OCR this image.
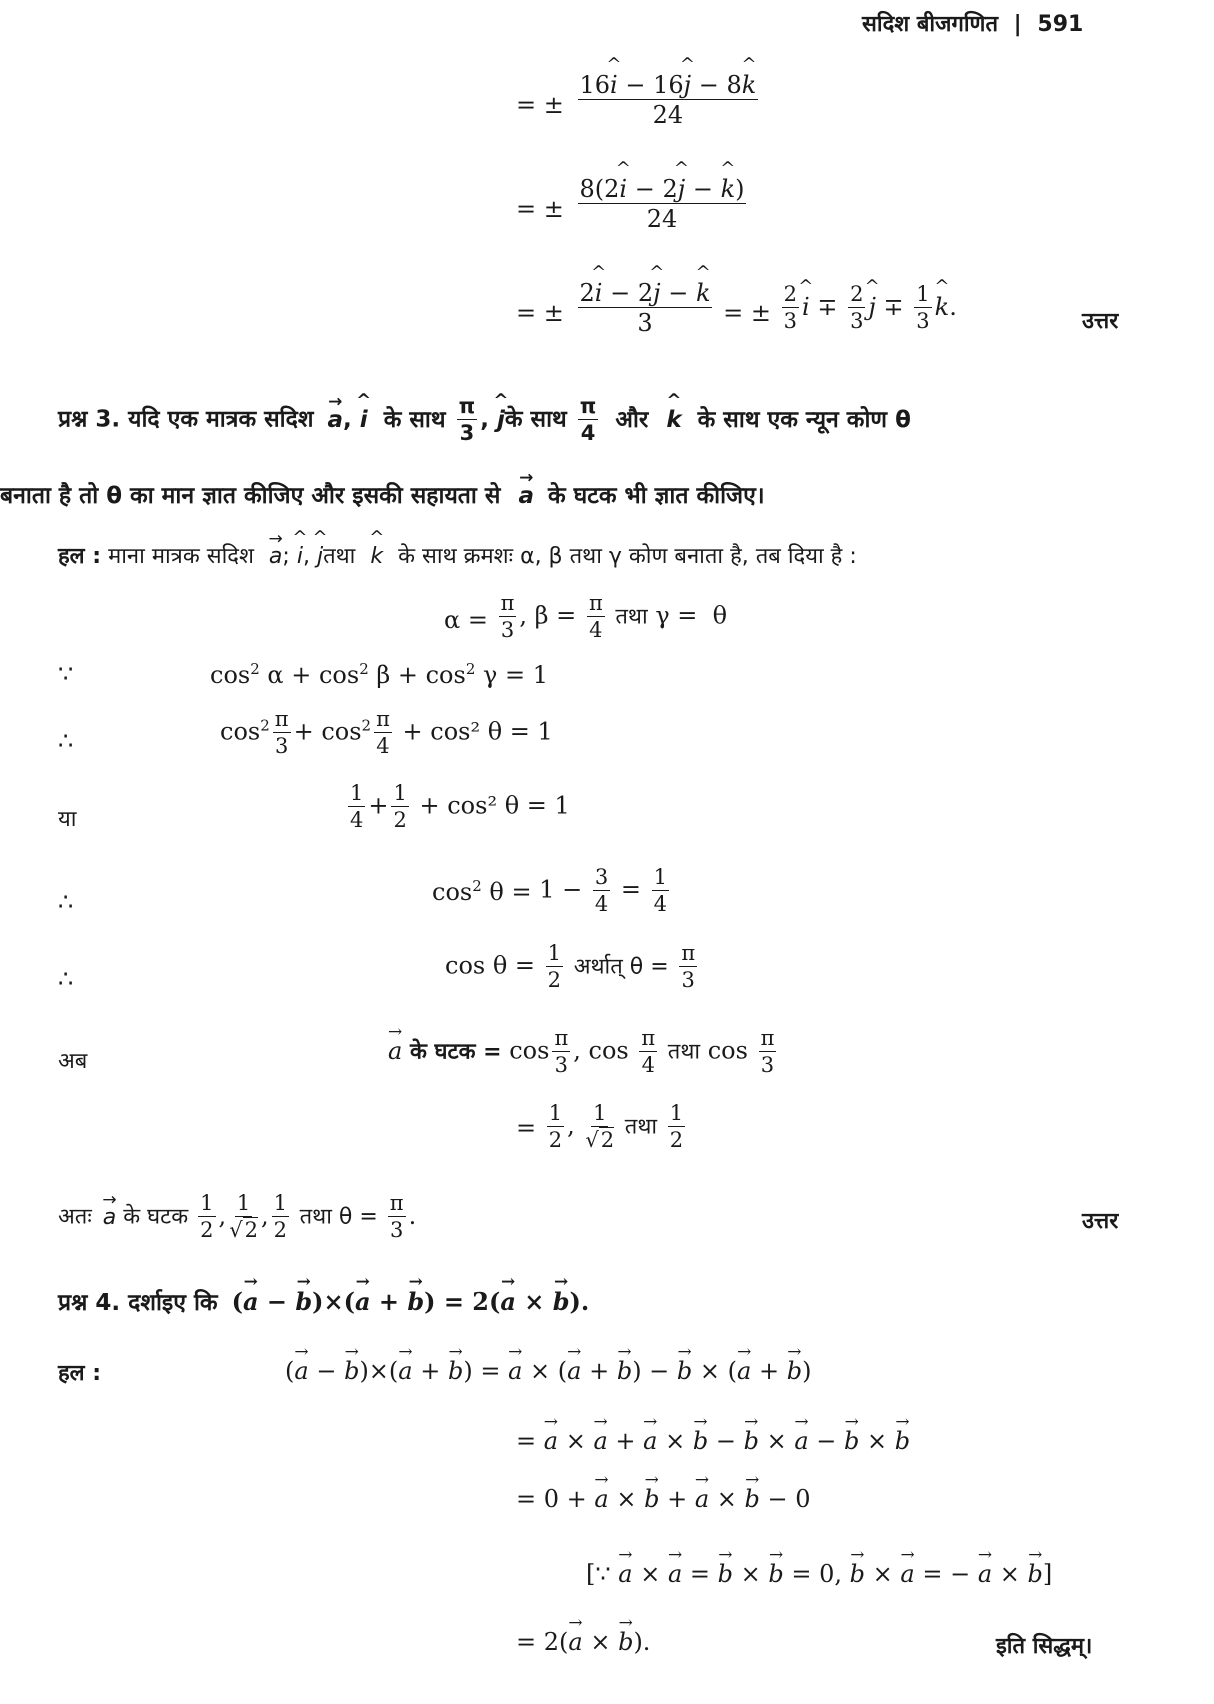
सदिश बीजगणित | 591
= ± $\frac{16\^{} i - 16\^{} j - 8\^{} k}{24}$
= ± $\frac{8(2\^{} i - 2\^{} j - \^{} k)}{24}$
= ± $\frac{2\^{} i - 2\^{} j - \^{} k}{3}$ = ± $\frac{2}{3}$ ^ $i \mp \frac{2}{3}$ ^ $j \mp \frac{1}{3}$ ^ k.
उत्तर
प्रश्न 3. यदि एक मात्रक सदिश → a, ^ i के साथ $\frac{\pi}{3}$ , ^ jके साथ $\frac{\pi}{4}$ और ^ k के साथ एक न्यून कोण θ
बनाता है तो θ का मान ज्ञात कीजिए और इसकी सहायता से → a के घटक भी ज्ञात कीजिए।
हल : माना मात्रक सदिश → a; ^ i, ^ jतथा ^ k के साथ क्रमशः α, β तथा γ कोण बनाता है, तब दिया है :
$\alpha = \frac{\pi}{3}$ , $\beta = \frac{\pi}{4}$ तथा γ =  θ
∵	$\cos^2 \alpha + \cos^2 \beta + \cos^2 \gamma = 1$
∴	$\cos^2 \frac{\pi}{3} + \cos^2 \frac{\pi}{4} + \cos^2$ θ = 1
या	$\frac{1}{4} + \frac{1}{2} + \cos^2$ θ = 1
∴	$\cos^2 \theta = 1 - \frac{3}{4} = \frac{1}{4}$
∴	$\cos \theta = \frac{1}{2}$ अर्थात् $\theta = \frac{\pi}{3}$
अब	→ a के घटक = $\cos \frac{\pi}{3}$ , $\cos \frac{\pi}{4}$ तथा $\cos \frac{\pi}{3}$
= $\frac{1}{2}$ , $\frac{1}{√2}$ तथा $\frac{1}{2}$
अतः → a के घटक $\frac{1}{2}$ , $\frac{1}{√2}$ , $\frac{1}{2}$ तथा $\theta = \frac{\pi}{3}$ .	उत्तर
प्रश्न 4. दर्शाइए कि (→ a − → b)×(→ a + → b) = 2(→ a × → b).
हल :	(→ a − → b)×(→ a + → b) = → a × (→ a + → b) − → b × (→ a + → b)
= → a × → a + → a × → b − → b × → a − → b × → b
= 0 + → a × → b + → a × → b − 0
[∵ → a × → a = → b × → b = 0, → b × → a = − → a × → b]
= 2(→ a × → b).	इति सिद्धम्।
